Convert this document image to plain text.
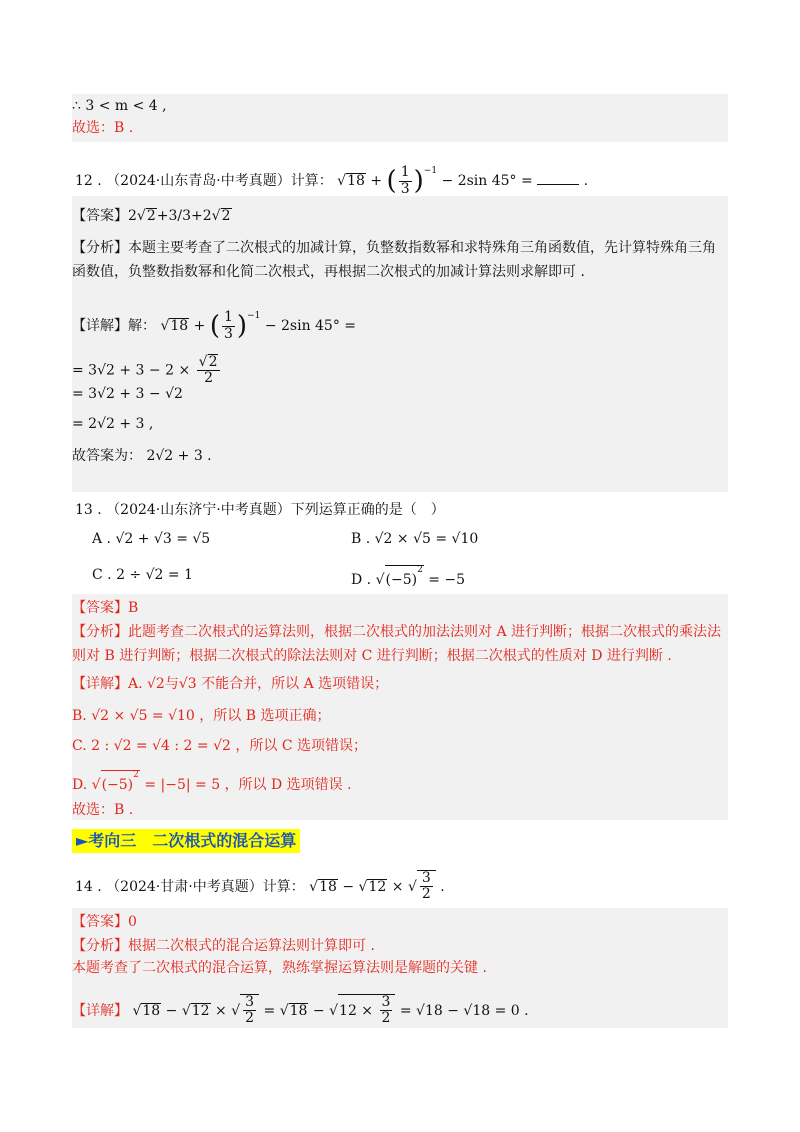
∴ 3 < m < 4 ,
故选：B .
12 . （2024·山东青岛·中考真题）计算： √18 + ( $\frac{1}{3} )^{-1} - 2\sin$ 45° =	.
【答案】2√2+3/3+2√2
【分析】本题主要考查了二次根式的加减计算，负整数指数幂和求特殊角三角函数值，先计算特殊角三角
函数值，负整数指数幂和化简二次根式，再根据二次根式的加减计算法则求解即可 .
【详解】解： √18 + ( $\frac{1}{3} )^{-1} - 2\sin$ 45° =
= $3√2 + 3 - 2 \times \frac{√2}{2}$
= 3√2 + 3 − √2
= 2√2 + 3 ,
故答案为： 2√2 + 3 .
13 . （2024·山东济宁·中考真题）下列运算正确的是（　）
A . √2 + √3 = √5	B . √2 × √5 = √10
C . 2 ÷ √2 = 1	D . $√(-5)^2 = -5$
【答案】B
【分析】此题考查二次根式的运算法则，根据二次根式的加法法则对 A 进行判断；根据二次根式的乘法法
则对 B 进行判断；根据二次根式的除法法则对 C 进行判断；根据二次根式的性质对 D 进行判断 .
【详解】A. √2与√3 不能合并，所以 A 选项错误；
B. √2 × √5 = √10 ，所以 B 选项正确；
C. 2 : √2 = √4 : 2 = √2 ，所以 C 选项错误；
D. $√(-5)^2 = |-5| = 5$ ，所以 D 选项错误 .
故选：B .
►考向三　二次根式的混合运算
14 . （2024·甘肃·中考真题）计算： √18 − √12 × √ $\frac{3}{2}$ .
【答案】0
【分析】根据二次根式的混合运算法则计算即可 .
本题考查了二次根式的混合运算，熟练掌握运算法则是解题的关键 .
【详解】 √18 − √12 × √ $\frac{3}{2} = √18 - √12 \times \frac{3}{2} = √18 - √18 = 0$ .
